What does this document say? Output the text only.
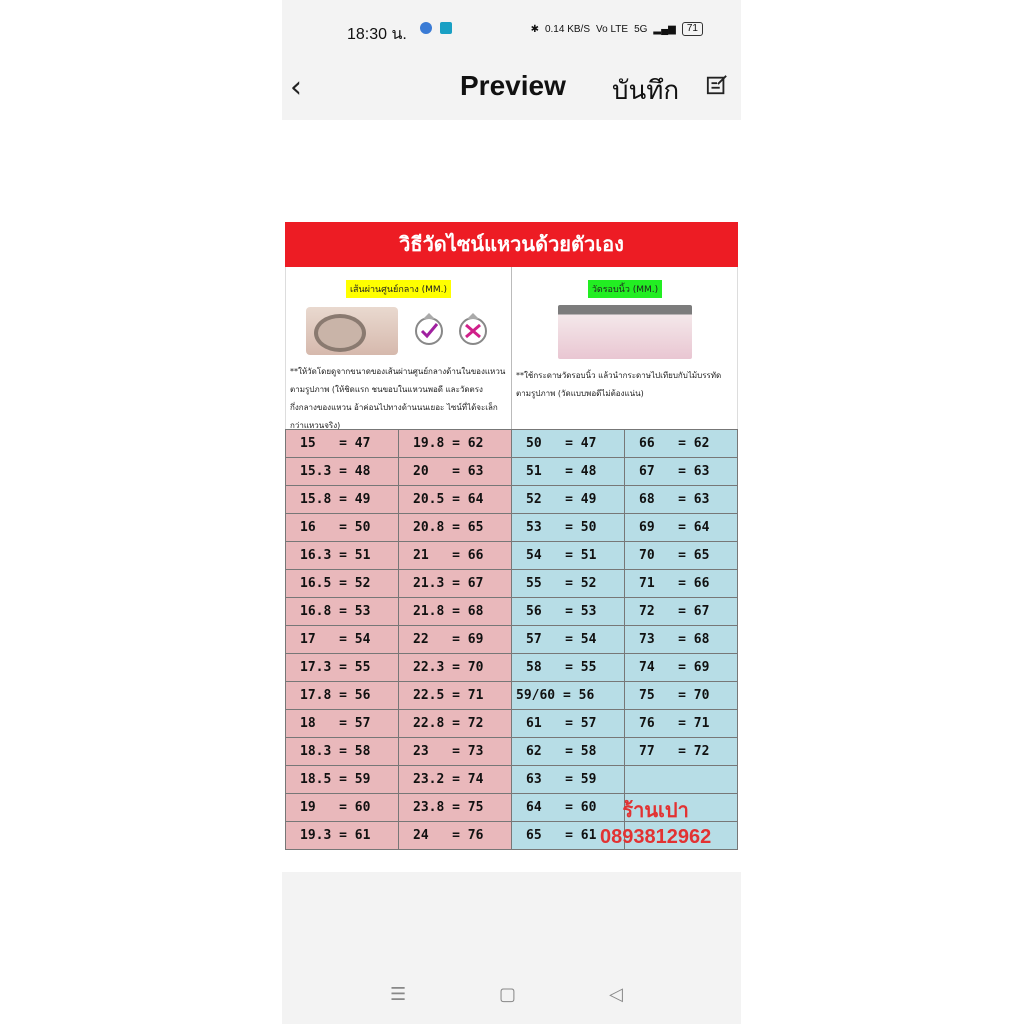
18:30 น.	✱ 0.14 KB/S Vo LTE 5G ▂▄▆	71
‹	Preview บันทึก
วิธีวัดไซน์แหวนด้วยตัวเอง
เส้นผ่านศูนย์กลาง (MM.)
**ให้วัดโดยดูจากขนาดของเส้นผ่านศูนย์กลางด้านในของแหวน
ตามรูปภาพ (ให้ชิดแรก ชนขอบในแหวนพอดี และวัดตรง
กึ่งกลางของแหวน อ้าค่อนไปทางด้านนนเยอะ ไซน์ที่ได้จะเล็ก
กว่าแหวนจริง)
วัดรอบนิ้ว (MM.)
**ใช้กระดาษวัดรอบนิ้ว แล้วนำกระดาษไปเทียบกับไม้บรรทัด
ตามรูปภาพ (วัดแบบพอดีไม่ต้องแน่น)
15   = 47	19.8 = 62	50   = 47	66   = 62
15.3 = 48	20   = 63	51   = 48	67   = 63
15.8 = 49	20.5 = 64	52   = 49	68   = 63
16   = 50	20.8 = 65	53   = 50	69   = 64
16.3 = 51	21   = 66	54   = 51	70   = 65
16.5 = 52	21.3 = 67	55   = 52	71   = 66
16.8 = 53	21.8 = 68	56   = 53	72   = 67
17   = 54	22   = 69	57   = 54	73   = 68
17.3 = 55	22.3 = 70	58   = 55	74   = 69
17.8 = 56	22.5 = 71	59/60 = 56	75   = 70
18   = 57	22.8 = 72	61   = 57	76   = 71
18.3 = 58	23   = 73	62   = 58	77   = 72
18.5 = 59	23.2 = 74	63   = 59	
19   = 60	23.8 = 75	64   = 60	
19.3 = 61	24   = 76	65   = 61	
ร้านเปา
0893812962
☰	▢	◁
